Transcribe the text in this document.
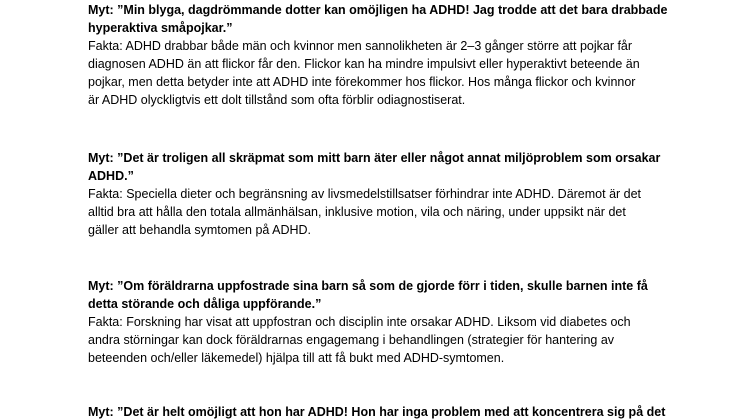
Myt: ”Min blyga, dagdrömmande dotter kan omöjligen ha ADHD! Jag trodde att det bara drabbade
hyperaktiva småpojkar.”
Fakta: ADHD drabbar både män och kvinnor men sannolikheten är 2–3 gånger större att pojkar får
diagnosen ADHD än att flickor får den. Flickor kan ha mindre impulsivt eller hyperaktivt beteende än
pojkar, men detta betyder inte att ADHD inte förekommer hos flickor. Hos många flickor och kvinnor
är ADHD olyckligtvis ett dolt tillstånd som ofta förblir odiagnostiserat.
Myt: ”Det är troligen all skräpmat som mitt barn äter eller något annat miljöproblem som orsakar
ADHD.”
Fakta: Speciella dieter och begränsning av livsmedelstillsatser förhindrar inte ADHD. Däremot är det
alltid bra att hålla den totala allmänhälsan, inklusive motion, vila och näring, under uppsikt när det
gäller att behandla symtomen på ADHD.
Myt: ”Om föräldrarna uppfostrade sina barn så som de gjorde förr i tiden, skulle barnen inte få
detta störande och dåliga uppförande.”
Fakta: Forskning har visat att uppfostran och disciplin inte orsakar ADHD. Liksom vid diabetes och
andra störningar kan dock föräldrarnas engagemang i behandlingen (strategier för hantering av
beteenden och/eller läkemedel) hjälpa till att få bukt med ADHD-symtomen.
Myt: ”Det är helt omöjligt att hon har ADHD! Hon har inga problem med att koncentrera sig på det
